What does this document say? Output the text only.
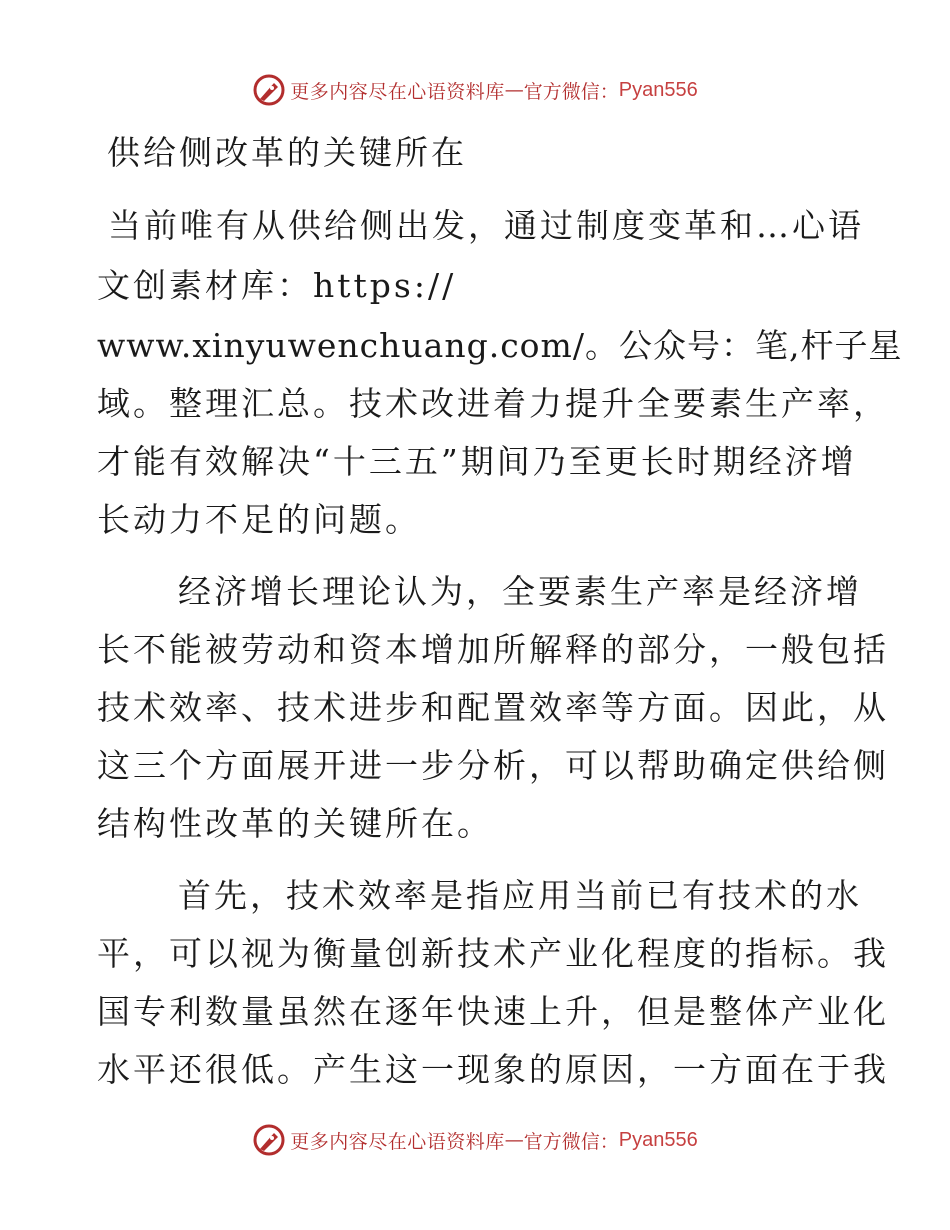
更多内容尽在心语资料库 — 官方微信： Pyan556
供给侧改革的关键所在
当前唯有从供给侧出发，通过制度变革和…心语
文创素材库：https://
www.xinyuwenchuang.com/。公众号：笔,杆子星
域。整理汇总。技术改进着力提升全要素生产率，
才能有效解决“十三五”期间乃至更长时期经济增
长动力不足的问题。
经济增长理论认为，全要素生产率是经济增
长不能被劳动和资本增加所解释的部分，一般包括
技术效率、技术进步和配置效率等方面。因此，从
这三个方面展开进一步分析，可以帮助确定供给侧
结构性改革的关键所在。
首先，技术效率是指应用当前已有技术的水
平，可以视为衡量创新技术产业化程度的指标。我
国专利数量虽然在逐年快速上升，但是整体产业化
水平还很低。产生这一现象的原因，一方面在于我
更多内容尽在心语资料库 — 官方微信： Pyan556
